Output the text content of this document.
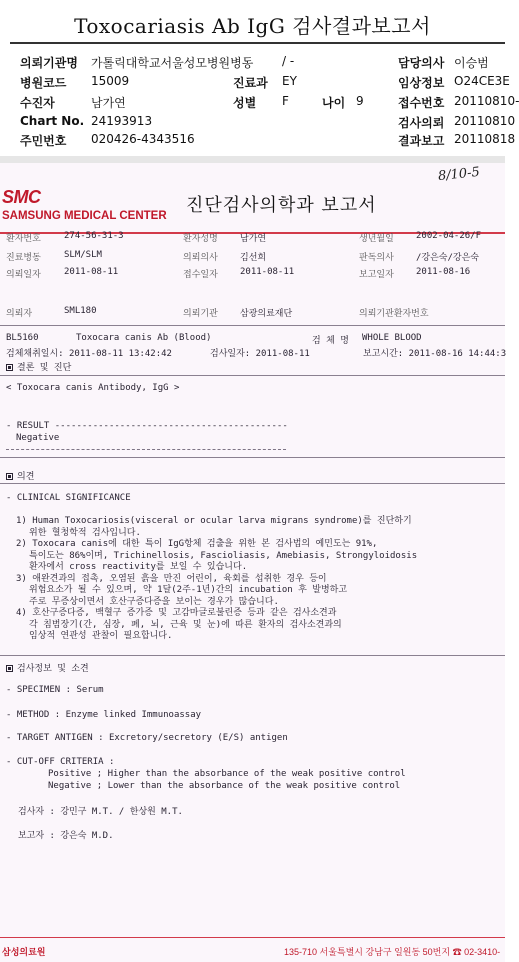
Toxocariasis Ab IgG 검사결과보고서
의뢰기관명 가톨릭대학교서울성모병원병동 / -	담당의사 이승범
병원코드 15009	진료과 EY	임상정보 O24CE3E
수진자	남가연	성별 F	나이 9	접수번호 20110810-
Chart No. 24193913	검사의뢰 20110810
주민번호 020426-4343516	결과보고 20110818
8/10-5
SMC
SAMSUNG MEDICAL CENTER 진단검사의학과 보고서
환자번호	274-56-31-3	환자성명 남가연	생년월일 2002-04-26/F
진료병동	SLM/SLM	의뢰의사 김선희	판독의사 /강은숙/강은숙
의뢰일자	2011-08-11	접수일자 2011-08-11	보고일자 2011-08-16
의뢰자	SML180	의뢰기관 삼광의료재단	의뢰기관환자번호
BL5160	Toxocara canis Ab (Blood)	검 체 명 WHOLE BLOOD
검체채취일시: 2011-08-11 13:42:42	검사일자: 2011-08-11	보고시간: 2011-08-16 14:44:3
결론 및 진단
< Toxocara canis Antibody, IgG >
- RESULT -------------------------------------------
Negative
의견
- CLINICAL SIGNIFICANCE

1) Human Toxocariosis(visceral or ocular larva migrans syndrome)를 진단하기

위한 혈청학적 검사입니다.

2) Toxocara canis에 대한 특이 IgG항체 검출을 위한 본 검사법의 예민도는 91%,

특이도는 86%이며, Trichinellosis, Fascioliasis, Amebiasis, Strongyloidosis

환자에서 cross reactivity를 보일 수 있습니다.

3) 애완견과의 접촉, 오염된 흙을 만진 어린이, 육회를 섭취한 경우 등이

위험요소가 될 수 있으며, 약 1달(2주-1년)간의 incubation 후 발병하고

주로 무증상이면서 호산구증다증을 보이는 경우가 많습니다.

4) 호산구증다증, 백혈구 증가증 및 고감마글로불린증 등과 같은 검사소견과

각 침범장기(간, 심장, 폐, 뇌, 근육 및 눈)에 따른 환자의 검사소견과의

임상적 연관성 관찰이 필요합니다.

검사정보 및 소견
- SPECIMEN : Serum
- METHOD : Enzyme linked Immunoassay
- TARGET ANTIGEN : Excretory/secretory (E/S) antigen
- CUT-OFF CRITERIA :
Positive ; Higher than the absorbance of the weak positive control
Negative ; Lower than the absorbance of the weak positive control
검사자 : 강민구 M.T. / 한상원 M.T.
보고자 : 강은숙 M.D.
삼성의료원	135-710 서울특별시 강남구 일원동 50번지 ☎ 02-3410-
